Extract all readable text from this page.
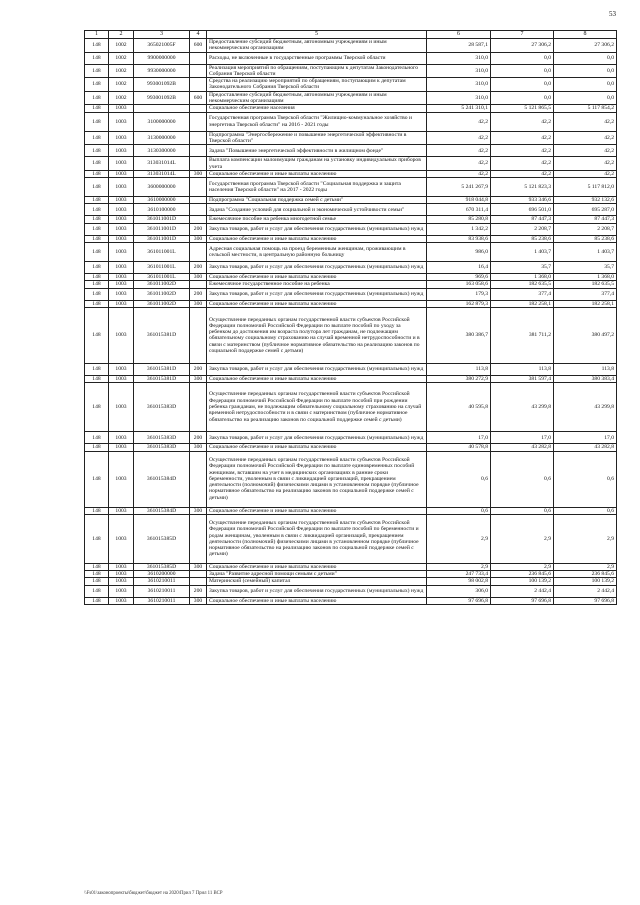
53
1	2	3	4	5	6	7	8
148	1002	365021005F	600	Предоставление субсидий бюджетным, автономным учреждениям и иным некоммерческим организациям	28 587,1	27 306,2	27 306,2
148	1002	9900000000		Расходы, не включенные в государственные программы Тверской области	310,0	0,0	0,0
148	1002	9930000000		Реализация мероприятий по обращениям, поступающим к депутатам Законодательного Собрания Тверской области	310,0	0,0	0,0
148	1002	993001092B		Средства на реализацию мероприятий по обращениям, поступающим к депутатам Законодательного Собрания Тверской области	310,0	0,0	0,0
148	1002	993001092B	600	Предоставление субсидий бюджетным, автономным учреждениям и иным некоммерческим организациям	310,0	0,0	0,0
148	1003			Социальное обеспечение населения	5 241 310,1	5 121 865,5	5 117 854,2
148	1003	3100000000		Государственная программа Тверской области "Жилищно-коммунальное хозяйство и энергетика Тверской области" на 2016 - 2021 годы	42,2	42,2	42,2
148	1003	3130000000		Подпрограмма "Энергосбережение и повышение энергетической эффективности в Тверской области"	42,2	42,2	42,2
148	1003	3130300000		Задача "Повышение энергетической эффективности в жилищном фонде"	42,2	42,2	42,2
148	1003	313031014L		Выплата компенсации малоимущим гражданам на установку индивидуальных приборов учета	42,2	42,2	42,2
148	1003	313031014L	300	Социальное обеспечение и иные выплаты населению	42,2	42,2	42,2
148	1003	3600000000		Государственная программа Тверской области "Социальная поддержка и защита населения Тверской области" на 2017 - 2022 годы	5 241 267,9	5 121 823,3	5 117 812,0
148	1003	3610000000		Подпрограмма "Социальная поддержка семей с детьми"	918 044,8	933 346,6	932 132,6
148	1003	3610100000		Задача "Создание условий для социальной и экономической устойчивости семьи"	670 311,4	696 501,0	695 287,0
148	1003	361011001D		Ежемесячное пособие на ребенка многодетной семье	85 280,8	87 447,3	87 447,3
148	1003	361011001D	200	Закупка товаров, работ и услуг для обеспечения государственных (муниципальных) нужд	1 342,2	2 208,7	2 208,7
148	1003	361011001D	300	Социальное обеспечение и иные выплаты населению	83 938,6	85 238,6	85 238,6
148	1003	361011001L		Адресная социальная помощь на проезд беременным женщинам, проживающим в сельской местности, в центральную районную больницу	986,0	1 403,7	1 403,7
148	1003	361011001L	200	Закупка товаров, работ и услуг для обеспечения государственных (муниципальных) нужд	16,4	35,7	35,7
148	1003	361011001L	300	Социальное обеспечение и иные выплаты населению	969,6	1 368,0	1 368,0
148	1003	361011002D		Ежемесячное государственное пособие на ребенка	163 058,6	182 635,5	182 635,5
148	1003	361011002D	200	Закупка товаров, работ и услуг для обеспечения государственных (муниципальных) нужд	179,3	377,4	377,4
148	1003	361011002D	300	Социальное обеспечение и иные выплаты населению	162 879,3	182 258,1	182 258,1
148	1003	361015381D		Осуществление переданных органам государственной власти субъектов Российской Федерации полномочий Российской Федерации по выплате пособий по уходу за ребенком до достижения им возраста полутора лет гражданам, не подлежащим обязательному социальному страхованию на случай временной нетрудоспособности и в связи с материнством (публичное нормативное обязательство на реализацию законов по социальной поддержке семей с детьми)	380 386,7	381 711,2	380 497,2
148	1003	361015381D	200	Закупка товаров, работ и услуг для обеспечения государственных (муниципальных) нужд	113,8	113,8	113,8
148	1003	361015381D	300	Социальное обеспечение и иные выплаты населению	380 272,9	381 597,4	380 383,4
148	1003	361015383D		Осуществление переданных органам государственной власти субъектов Российской Федерации полномочий Российской Федерации по выплате пособий при рождении ребенка гражданам, не подлежащим обязательному социальному страхованию на случай временной нетрудоспособности и в связи с материнством (публичное нормативное обязательство на реализацию законов по социальной поддержке семей с детьми)	40 595,8	43 299,8	43 299,8
148	1003	361015383D	200	Закупка товаров, работ и услуг для обеспечения государственных (муниципальных) нужд	17,0	17,0	17,0
148	1003	361015383D	300	Социальное обеспечение и иные выплаты населению	40 578,8	43 282,8	43 282,8
148	1003	361015384D		Осуществление переданных органам государственной власти субъектов Российской Федерации полномочий Российской Федерации по выплате единовременных пособий женщинам, вставшим на учет в медицинских организациях в ранние сроки беременности, уволенным в связи с ликвидацией организаций, прекращением деятельности (полномочий) физическими лицами в установленном порядке (публичное нормативное обязательство на реализацию законов по социальной поддержке семей с детьми)	0,6	0,6	0,6
148	1003	361015384D	300	Социальное обеспечение и иные выплаты населению	0,6	0,6	0,6
148	1003	361015385D		Осуществление переданных органам государственной власти субъектов Российской Федерации полномочий Российской Федерации по выплате пособий по беременности и родам женщинам, уволенным в связи с ликвидацией организаций, прекращением деятельности (полномочий) физическими лицами в установленном порядке (публичное нормативное обязательство на реализацию законов по социальной поддержке семей с детьми)	2,9	2,9	2,9
148	1003	361015385D	300	Социальное обеспечение и иные выплаты населению	2,9	2,9	2,9
148	1003	3610200000		Задача "Развитие адресной помощи семьям с детьми"	247 733,4	236 845,6	236 845,6
148	1003	3610210011		Материнский (семейный) капитал	98 002,8	100 139,2	100 139,2
148	1003	3610210011	200	Закупка товаров, работ и услуг для обеспечения государственных (муниципальных) нужд	306,0	2 442,4	2 442,4
148	1003	3610210011	300	Социальное обеспечение и иные выплаты населению	97 696,8	97 696,8	97 696,8
\\Fs01\законопроекты\бюджет\бюджет на 2020\Прил 7 Прил 11 ВСР
